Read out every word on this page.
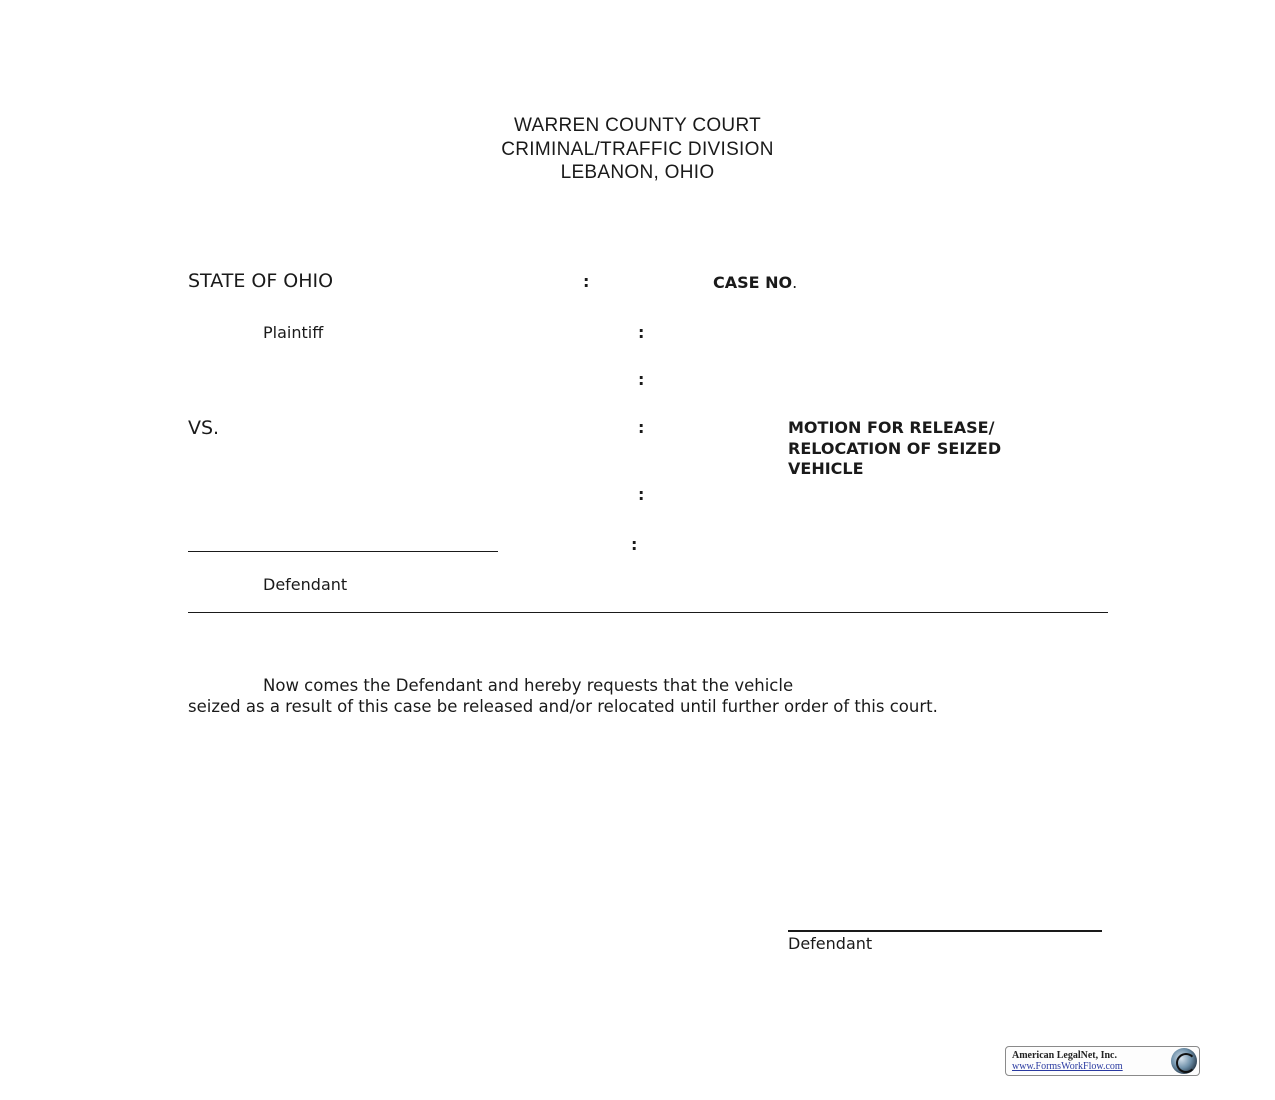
WARREN COUNTY COURT
CRIMINAL/TRAFFIC DIVISION
LEBANON, OHIO
STATE OF OHIO
Plaintiff
VS.
Defendant
:
:
:
:
:
:
CASE NO.
MOTION FOR RELEASE/
RELOCATION OF SEIZED
VEHICLE
Now comes the Defendant and hereby requests that the vehicle
seized as a result of this case be released and/or relocated until further order of this court.
Defendant
American LegalNet, Inc.
www.FormsWorkFlow.com
